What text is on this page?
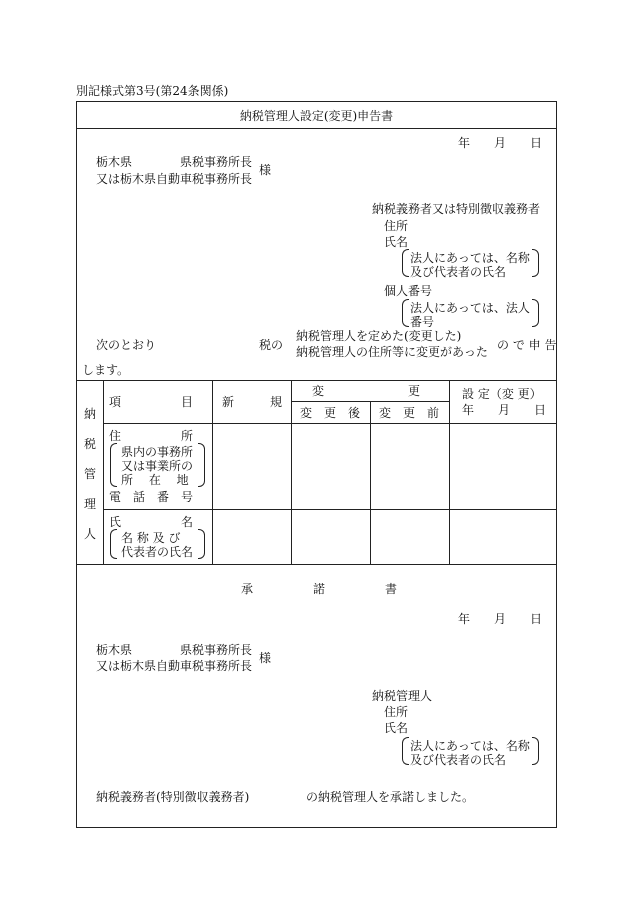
別記様式第3号(第24条関係)
納税管理人設定(変更)申告書
年　　月　　日
栃木県　　　　県税事務所長
又は栃木県自動車税事務所長
様
納税義務者又は特別徴収義務者
住所
氏名
法人にあっては、名称
及び代表者の氏名
個人番号
法人にあっては、法人
番号
次のとおり	税の
納税管理人を定めた(変更した)
納税管理人の住所等に変更があった の で 申 告
します。
納
税
管
理
人
項　　　　　目 新　　　規
変　　　　　　　更
変　更　後 変　更　前
設 定（変 更）
年　　月　　日
住　　　　　所
県内の事務所
又は事業所の
所　 在　 地
電　話　番　号
氏　　　　　名
名 称 及 び
代表者の氏名
承　　　　　諾　　　　　書
年　　月　　日
栃木県　　　　県税事務所長
又は栃木県自動車税事務所長
様
納税管理人
住所
氏名
法人にあっては、名称
及び代表者の氏名
納税義務者(特別徴収義務者)	の納税管理人を承諾しました。
